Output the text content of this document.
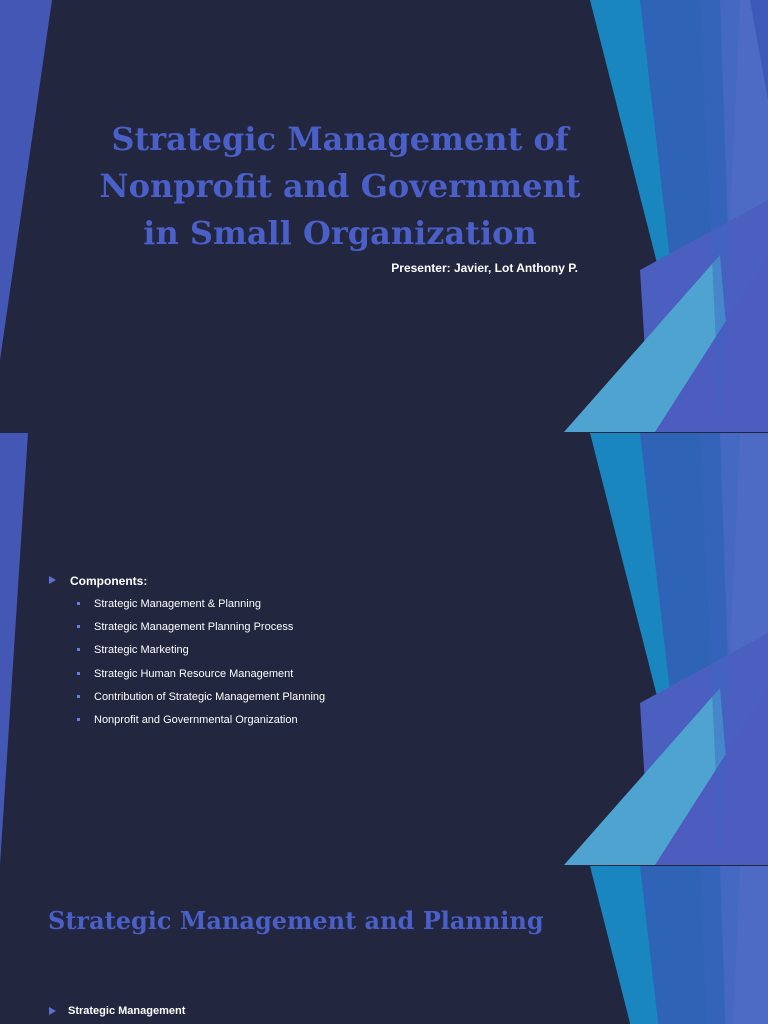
Strategic Management of
Nonprofit and Government
in Small Organization

Presenter: Javier, Lot Anthony P.

Components:
Strategic Management & Planning
Strategic Management Planning Process
Strategic Marketing
Strategic Human Resource Management
Contribution of Strategic Management Planning
Nonprofit and Governmental Organization
Strategic Management and Planning
Strategic Management
